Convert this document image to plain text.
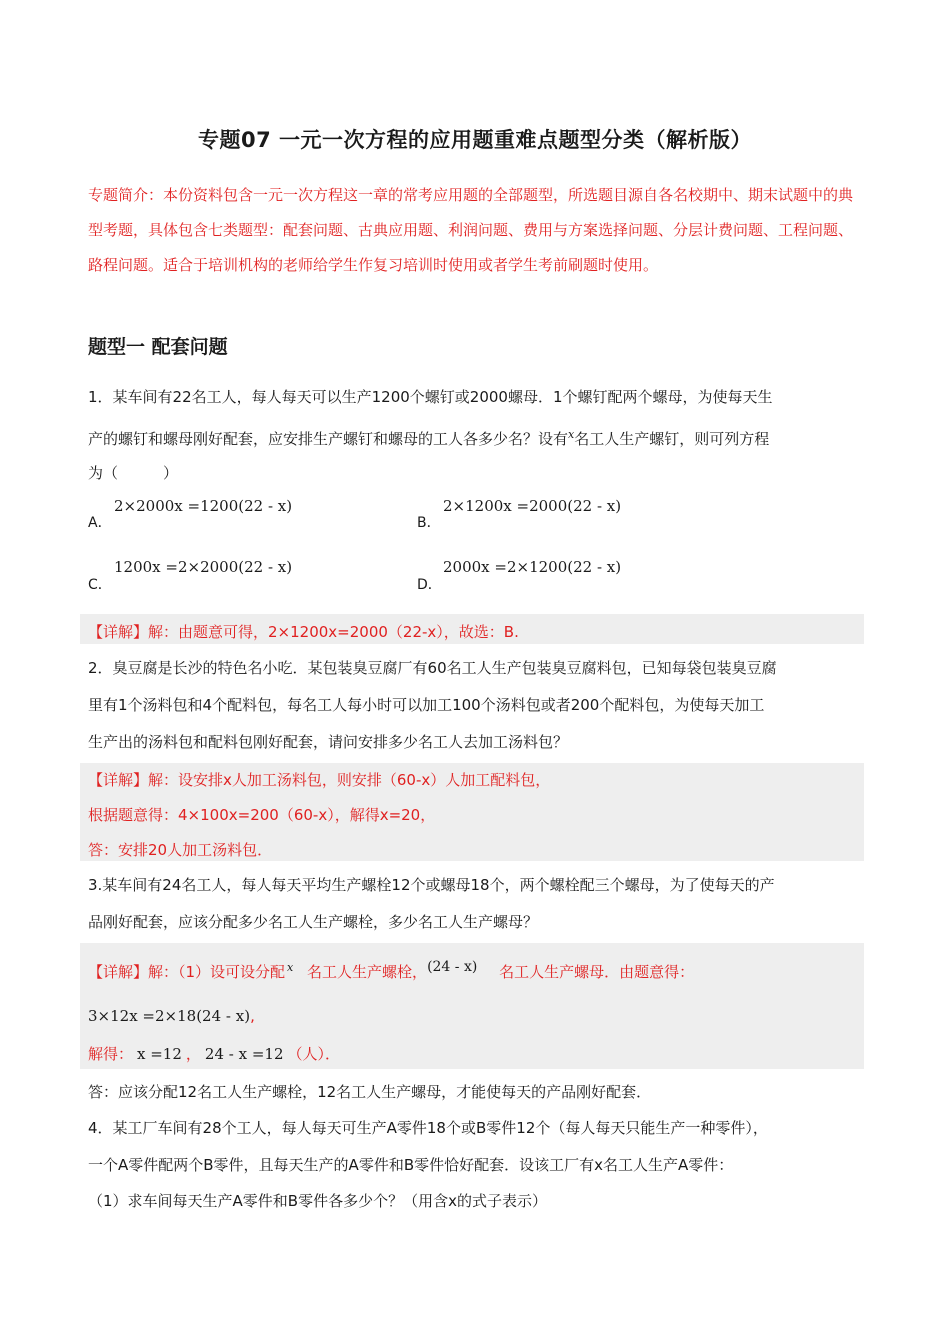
专题07 一元一次方程的应用题重难点题型分类（解析版）
专题简介：本份资料包含一元一次方程这一章的常考应用题的全部题型，所选题目源自各名校期中、期末试题中的典型考题，具体包含七类题型：配套问题、古典应用题、利润问题、费用与方案选择问题、分层计费问题、工程问题、路程问题。适合于培训机构的老师给学生作复习培训时使用或者学生考前刷题时使用。
题型一 配套问题
1．某车间有22名工人，每人每天可以生产1200个螺钉或2000螺母．1个螺钉配两个螺母，为使每天生
产的螺钉和螺母刚好配套，应安排生产螺钉和螺母的工人各多少名？设有$^x$名工人生产螺钉，则可列方程
为（　　　）
A．
2×2000x =1200(22 - x)
B．
2×1200x =2000(22 - x)
C．
1200x =2×2000(22 - x)
D．
2000x =2×1200(22 - x)
【详解】解：由题意可得，2×1200x=2000（22-x），故选：B.
2．臭豆腐是长沙的特色名小吃．某包装臭豆腐厂有60名工人生产包装臭豆腐料包，已知每袋包装臭豆腐
里有1个汤料包和4个配料包，每名工人每小时可以加工100个汤料包或者200个配料包，为使每天加工
生产出的汤料包和配料包刚好配套，请问安排多少名工人去加工汤料包？
【详解】解：设安排x人加工汤料包，则安排（60-x）人加工配料包，
根据题意得：4×100x=200（60-x），解得x=20，
答：安排20人加工汤料包．
3.某车间有24名工人，每人每天平均生产螺栓12个或螺母18个，两个螺栓配三个螺母，为了使每天的产
品刚好配套，应该分配多少名工人生产螺栓，多少名工人生产螺母？
【详解】解：（1）设可设分配 x 名工人生产螺栓， (24 - x) 名工人生产螺母．由题意得：
3×12x =2×18(24 - x),
解得： x =12 ， 24 - x =12 （人）．
答：应该分配12名工人生产螺栓，12名工人生产螺母，才能使每天的产品刚好配套．
4．某工厂车间有28个工人，每人每天可生产A零件18个或B零件12个（每人每天只能生产一种零件），
一个A零件配两个B零件，且每天生产的A零件和B零件恰好配套．设该工厂有x名工人生产A零件：
（1）求车间每天生产A零件和B零件各多少个？（用含x的式子表示）
